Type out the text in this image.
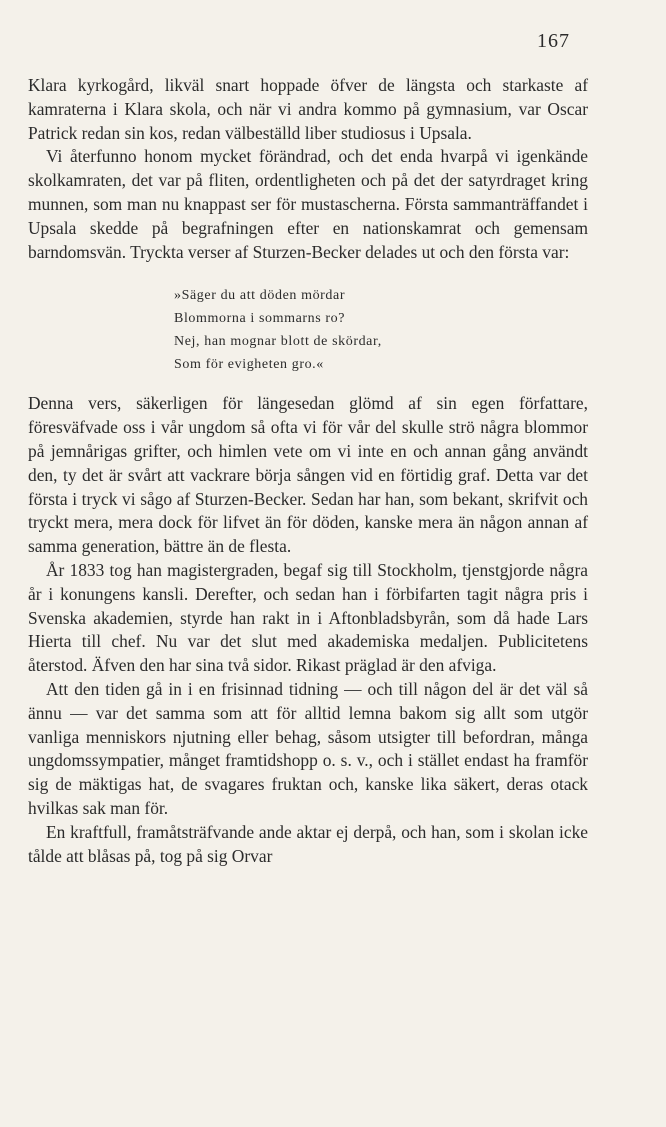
167

Klara kyrkogård, likväl snart hoppade öfver de längsta och starkaste af kamraterna i Klara skola, och när vi andra kommo på gymnasium, var Oscar Patrick redan sin kos, redan välbeställd liber studiosus i Upsala.

Vi återfunno honom mycket förändrad, och det enda hvarpå vi igenkände skolkamraten, det var på fliten, ordentligheten och på det der satyrdraget kring munnen, som man nu knappast ser för mustascherna. Första sammanträffandet i Upsala skedde på begrafningen efter en nationskamrat och gemensam barndomsvän. Tryckta verser af Sturzen-Becker delades ut och den första var:

»Säger du att döden mördar
Blommorna i sommarns ro?
Nej, han mognar blott de skördar,
Som för evigheten gro.«

Denna vers, säkerligen för längesedan glömd af sin egen författare, föresväfvade oss i vår ungdom så ofta vi för vår del skulle strö några blommor på jemnårigas grifter, och himlen vete om vi inte en och annan gång användt den, ty det är svårt att vackrare börja sången vid en förtidig graf. Detta var det första i tryck vi sågo af Sturzen-Becker. Sedan har han, som bekant, skrifvit och tryckt mera, mera dock för lifvet än för döden, kanske mera än någon annan af samma generation, bättre än de flesta.

År 1833 tog han magistergraden, begaf sig till Stockholm, tjenstgjorde några år i konungens kansli. Derefter, och sedan han i förbifarten tagit några pris i Svenska akademien, styrde han rakt in i Aftonbladsbyrån, som då hade Lars Hierta till chef. Nu var det slut med akademiska medaljen. Publicitetens återstod. Äfven den har sina två sidor. Rikast präglad är den afviga.

Att den tiden gå in i en frisinnad tidning — och till någon del är det väl så ännu — var det samma som att för alltid lemna bakom sig allt som utgör vanliga menniskors njutning eller behag, såsom utsigter till befordran, många ungdomssympatier, månget framtidshopp o. s. v., och i stället endast ha framför sig de mäktigas hat, de svagares fruktan och, kanske lika säkert, deras otack hvilkas sak man för.

En kraftfull, framåtsträfvande ande aktar ej derpå, och han, som i skolan icke tålde att blåsas på, tog på sig Orvar
